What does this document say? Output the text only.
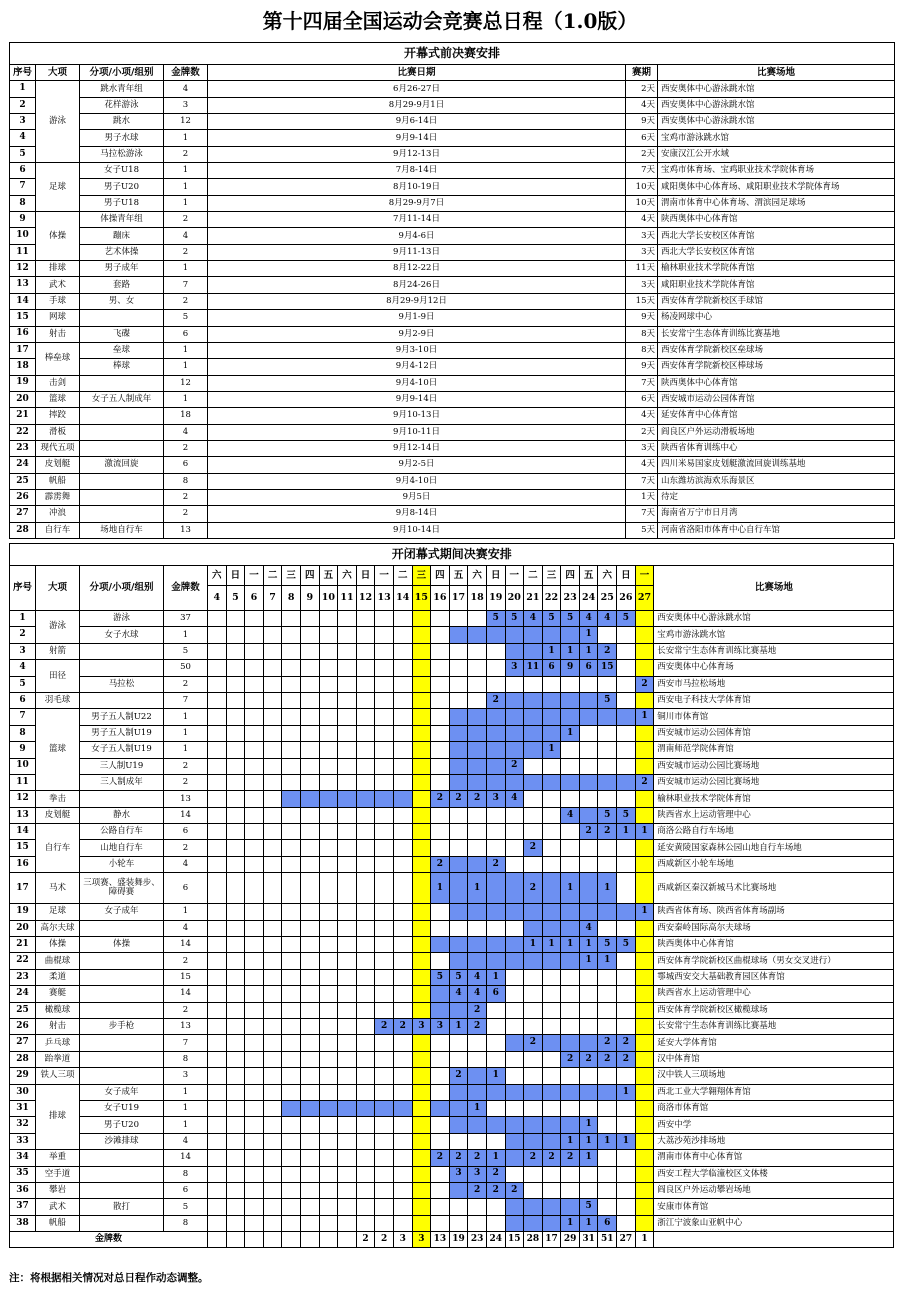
第十四届全国运动会竞赛总日程（1.0版）
开幕式前决赛安排						
序号	大项	分项/小项/组别	金牌数	比赛日期	赛期	比赛场地
1	游泳	跳水青年组	4	6月26-27日	2天	西安奥体中心游泳跳水馆
2		花样游泳	3	8月29-9月1日	4天	西安奥体中心游泳跳水馆
3		跳水	12	9月6-14日	9天	西安奥体中心游泳跳水馆
4		男子水球	1	9月9-14日	6天	宝鸡市游泳跳水馆
5		马拉松游泳	2	9月12-13日	2天	安康汉江公开水域
6	足球	女子U18	1	7月8-14日	7天	宝鸡市体育场、宝鸡职业技术学院体育场
7		男子U20	1	8月10-19日	10天	咸阳奥体中心体育场、咸阳职业技术学院体育场
8		男子U18	1	8月29-9月7日	10天	渭南市体育中心体育场、渭滨园足球场
9	体操	体操青年组	2	7月11-14日	4天	陕西奥体中心体育馆
10		蹦床	4	9月4-6日	3天	西北大学长安校区体育馆
11		艺术体操	2	9月11-13日	3天	西北大学长安校区体育馆
12	排球	男子成年	1	8月12-22日	11天	榆林职业技术学院体育馆
13	武术	套路	7	8月24-26日	3天	咸阳职业技术学院体育馆
14	手球	男、女	2	8月29-9月12日	15天	西安体育学院新校区手球馆
15	网球		5	9月1-9日	9天	杨凌网球中心
16	射击	飞碟	6	9月2-9日	8天	长安常宁生态体育训练比赛基地
17	棒垒球	垒球	1	9月3-10日	8天	西安体育学院新校区垒球场
18		棒球	1	9月4-12日	9天	西安体育学院新校区棒球场
19	击剑		12	9月4-10日	7天	陕西奥体中心体育馆
20	篮球	女子五人制成年	1	9月9-14日	6天	西安城市运动公园体育馆
21	摔跤		18	9月10-13日	4天	延安体育中心体育馆
22	滑板		4	9月10-11日	2天	阎良区户外运动滑板场地
23	现代五项		2	9月12-14日	3天	陕西省体育训练中心
24	皮划艇	激流回旋	6	9月2-5日	4天	四川米易国家皮划艇激流回旋训练基地
25	帆船		8	9月4-10日	7天	山东潍坊滨海欢乐海景区
26	霹雳舞		2	9月5日	1天	待定
27	冲浪		2	9月8-14日	7天	海南省万宁市日月湾
28	自行车	场地自行车	13	9月10-14日	5天	河南省洛阳市体育中心自行车馆
开闭幕式期间决赛安排																												
序号	大项	分项/小项/组别	金牌数	六	日	一	二	三	四	五	六	日	一	二	三	四	五	六	日	一	二	三	四	五	六	日	一	比赛场地
				4	5	6	7	8	9	10	11	12	13	14	15	16	17	18	19	20	21	22	23	24	25	26	27	
1	游泳	游泳	37																5	5	4	5	5	4	4	5		西安奥体中心游泳跳水馆
2		女子水球	1																					1				宝鸡市游泳跳水馆
3	射箭		5																			1	1	1	2			长安常宁生态体育训练比赛基地
4	田径		50																	3	11	6	9	6	15			西安奥体中心体育场
5		马拉松	2																								2	西安市马拉松场地
6	羽毛球		7																2						5			西安电子科技大学体育馆
7	篮球	男子五人制U22	1																								1	铜川市体育馆
8		男子五人制U19	1																				1					西安城市运动公园体育馆
9		女子五人制U19	1																			1						渭南师范学院体育馆
10		三人制U19	2																	2								西安城市运动公园比赛场地
11		三人制成年	2																								2	西安城市运动公园比赛场地
12	拳击		13													2	2	2	3	4								榆林职业技术学院体育馆
13	皮划艇	静水	14																				4		5	5		陕西省水上运动管理中心
14	自行车	公路自行车	6																					2	2	1	1	商洛公路自行车场地
15		山地自行车	2																		2							延安黄陵国家森林公园山地自行车场地
16		小轮车	4													2			2									西咸新区小轮车场地
17	马术	三项赛、盛装舞步、障碍赛	6													1		1			2		1		1			西咸新区秦汉新城马术比赛场地
19	足球	女子成年	1																								1	陕西省体育场、陕西省体育场副场
20	高尔夫球		4																					4				西安秦岭国际高尔夫球场
21	体操	体操	14																		1	1	1	1	5	5		陕西奥体中心体育馆
22	曲棍球		2																					1	1			西安体育学院新校区曲棍球场（男女交叉进行）
23	柔道		15													5	5	4	1									鄠城西安交大基础教育园区体育馆
24	赛艇		14														4	4	6									陕西省水上运动管理中心
25	橄榄球		2															2										西安体育学院新校区橄榄球场
26	射击	步手枪	13										2	2	3	3	1	2										长安常宁生态体育训练比赛基地
27	乒乓球		7																		2				2	2		延安大学体育馆
28	跆拳道		8																				2	2	2	2		汉中体育馆
29	铁人三项		3														2		1									汉中铁人三项场地
30	排球	女子成年	1																							1		西北工业大学翱翔体育馆
31		女子U19	1															1										商洛市体育馆
32		男子U20	1																					1				西安中学
33		沙滩排球	4																				1	1	1	1		大荔沙苑沙排场地
34	举重		14													2	2	2	1		2	2	2	1				渭南市体育中心体育馆
35	空手道		8														3	3	2									西安工程大学临潼校区文体楼
36	攀岩		6															2	2	2								阎良区户外运动攀岩场地
37	武术	散打	5																					5				安康市体育馆
38	帆船		8																				1	1	6			浙江宁波象山亚帆中心
金牌数												2	2	3	3	13	19	23	24	15	28	17	29	31	51	27	1	
注：将根据相关情况对总日程作动态调整。
